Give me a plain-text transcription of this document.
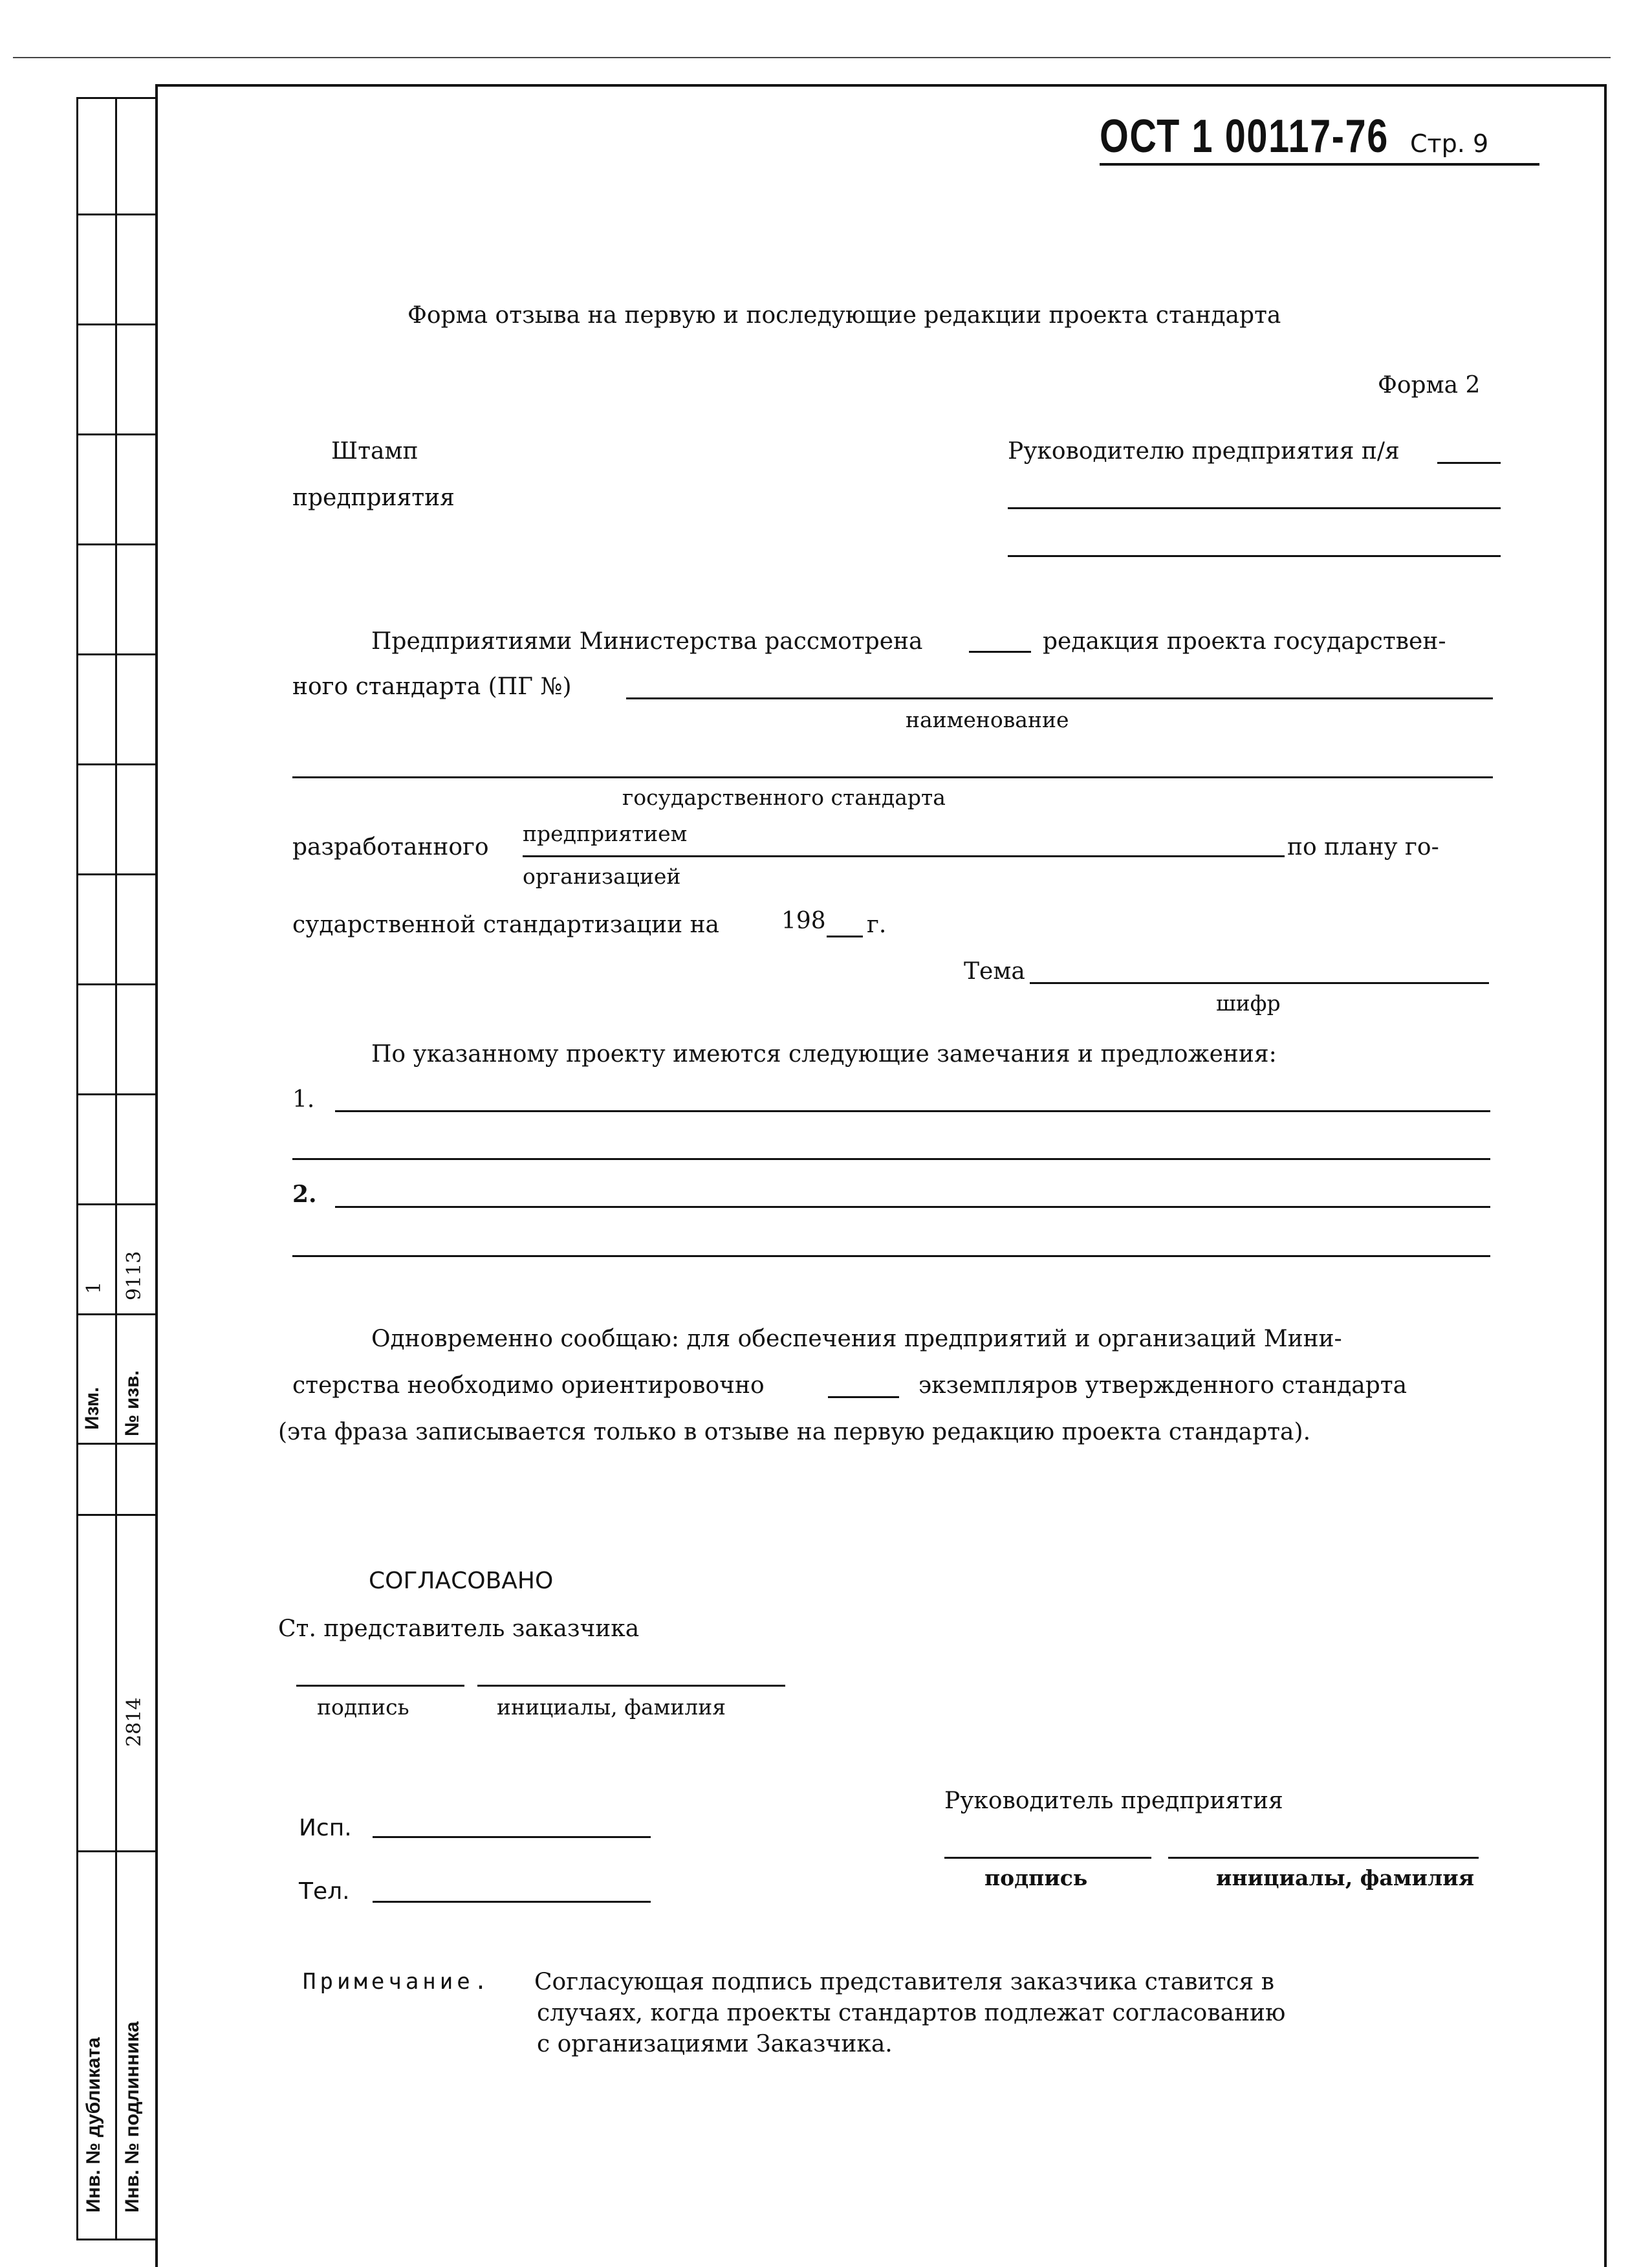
1 9113
Изм. № изв.
2814
Инв. № дубликата Инв. № подлинника
ОСТ 1 00117-76 Стр. 9
Форма отзыва на первую и последующие редакции проекта стандарта
Форма 2
Штамп
предприятия
Руководителю предприятия п/я
Предприятиями Министерства рассмотрена	редакция проекта государствен-
ного стандарта (ПГ №)
наименование
государственного стандарта
разработанного
предприятием
организацией
по плану го-
сударственной стандартизации на	198 г.
Тема
шифр
По указанному проекту имеются следующие замечания и предложения:
1.
2.
Одновременно сообщаю: для обеспечения предприятий и организаций Мини-
стерства необходимо ориентировочно	экземпляров утвержденного стандарта
(эта фраза записывается только в отзыве на первую редакцию проекта стандарта).
СОГЛАСОВАНО
Ст. представитель заказчика
подпись	инициалы, фамилия
Исп.
Тел.
Руководитель предприятия
подпись	инициалы, фамилия
Примечание. Согласующая подпись представителя заказчика ставится в
случаях, когда проекты стандартов подлежат согласованию
с организациями Заказчика.
